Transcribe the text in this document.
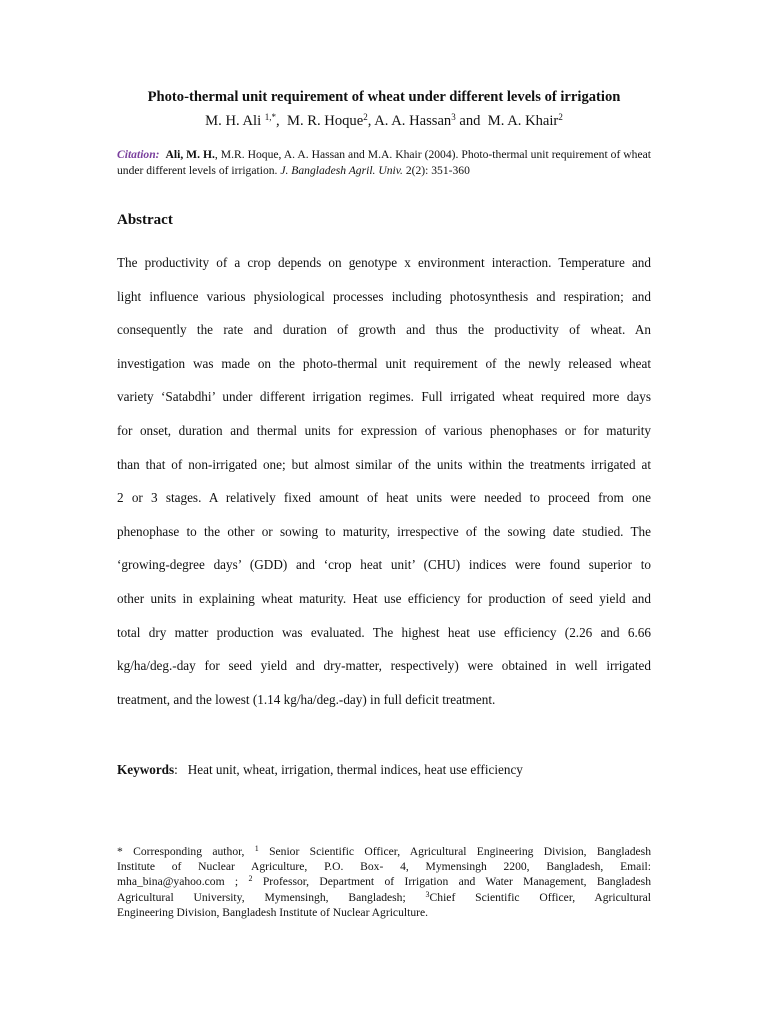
Photo-thermal unit requirement of wheat under different levels of irrigation

M. H. Ali $^{1,*}$,  M. R. Hoque$^2$, A. A. Hassan$^3$ and M. A. Khair$^2$

Citation: Ali, M. H., M.R. Hoque, A. A. Hassan and M.A. Khair (2004). Photo-thermal unit requirement of wheat under different levels of irrigation. J. Bangladesh Agril. Univ. 2(2): 351-360

Abstract
The productivity of a crop depends on genotype x environment interaction. Temperature and
light influence various physiological processes including photosynthesis and respiration; and
consequently the rate and duration of growth and thus the productivity of wheat. An
investigation was made on the photo-thermal unit requirement of the newly released wheat
variety ‘Satabdhi’ under different irrigation regimes. Full irrigated wheat required more days
for onset, duration and thermal units for expression of various phenophases or for maturity
than that of non-irrigated one; but almost similar of the units within the treatments irrigated at
2 or 3 stages. A relatively fixed amount of heat units were needed to proceed from one
phenophase to the other or sowing to maturity, irrespective of the sowing date studied. The
‘growing-degree days’ (GDD) and ‘crop heat unit’ (CHU) indices were found superior to
other units in explaining wheat maturity. Heat use efficiency for production of seed yield and
total dry matter production was evaluated. The highest heat use efficiency (2.26 and 6.66
kg/ha/deg.-day for seed yield and dry-matter, respectively) were obtained in well irrigated
treatment, and the lowest (1.14 kg/ha/deg.-day) in full deficit treatment.

Keywords:   Heat unit, wheat, irrigation, thermal indices, heat use efficiency

* Corresponding author, $^1$ Senior Scientific Officer, Agricultural Engineering Division, Bangladesh
Institute of Nuclear Agriculture, P.O. Box- 4, Mymensingh 2200, Bangladesh, Email:
mha_bina@yahoo.com ; $^2$ Professor, Department of Irrigation and Water Management, Bangladesh
Agricultural University, Mymensingh, Bangladesh; $^3$Chief Scientific Officer, Agricultural
Engineering Division, Bangladesh Institute of Nuclear Agriculture.
